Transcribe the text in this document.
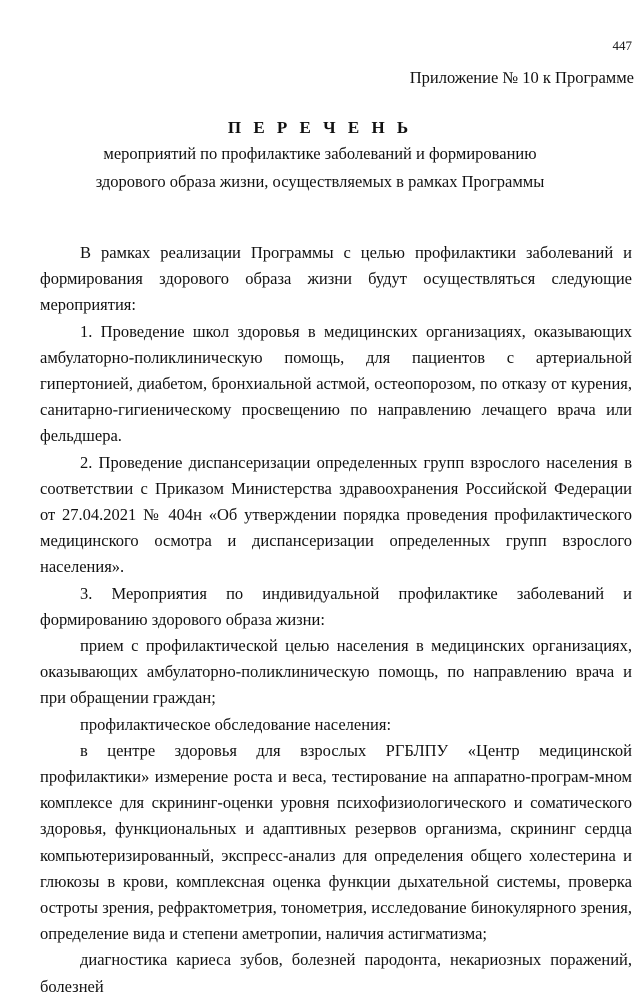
447
Приложение № 10 к Программе
П Е Р Е Ч Е Н Ь
мероприятий по профилактике заболеваний и формированию
здорового образа жизни, осуществляемых в рамках Программы

В рамках реализации Программы с целью профилактики заболеваний и формирования здорового образа жизни будут осуществляться следующие мероприятия:

1. Проведение школ здоровья в медицинских организациях, оказывающих амбулаторно-поликлиническую помощь, для пациентов с артериальной гипертонией, диабетом, бронхиальной астмой, остеопорозом, по отказу от курения, санитарно-гигиеническому просвещению по направлению лечащего врача или фельдшера.

2. Проведение диспансеризации определенных групп взрослого населения в соответствии с Приказом Министерства здравоохранения Российской Федерации от 27.04.2021 № 404н «Об утверждении порядка проведения профилактического медицинского осмотра и диспансеризации определенных групп взрослого населения».

3. Мероприятия по индивидуальной профилактике заболеваний и формированию здорового образа жизни:

прием с профилактической целью населения в медицинских организациях, оказывающих амбулаторно-поликлиническую помощь, по направлению врача и при обращении граждан;

профилактическое обследование населения:

в центре здоровья для взрослых РГБЛПУ «Центр медицинской профилактики» измерение роста и веса, тестирование на аппаратно-програм-мном комплексе для скрининг-оценки уровня психофизиологического и соматического здоровья, функциональных и адаптивных резервов организма, скрининг сердца компьютеризированный, экспресс-анализ для определения общего холестерина и глюкозы в крови, комплексная оценка функции дыхательной системы, проверка остроты зрения, рефрактометрия, тонометрия, исследование бинокулярного зрения, определение вида и степени аметропии, наличия астигматизма;

диагностика кариеса зубов, болезней пародонта, некариозных поражений, болезней
